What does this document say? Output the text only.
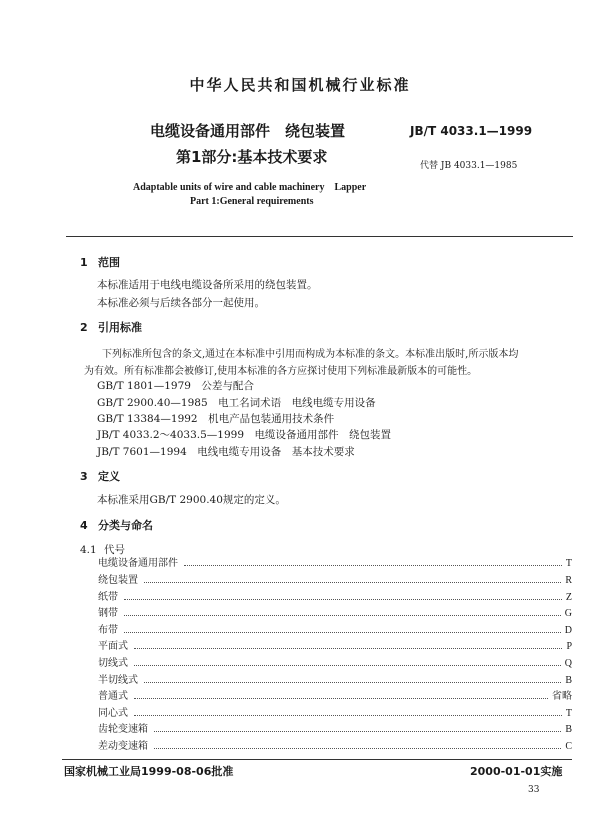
中华人民共和国机械行业标准
电缆设备通用部件　绕包装置
第1部分:基本技术要求
JB/T 4033.1—1999
代替 JB 4033.1—1985
Adaptable units of wire and cable machinery　Lapper
Part 1:General requirements
1 范围
本标准适用于电线电缆设备所采用的绕包装置。
本标准必须与后续各部分一起使用。
2 引用标准
下列标准所包含的条文,通过在本标准中引用而构成为本标准的条文。本标准出版时,所示版本均
为有效。所有标准都会被修订,使用本标准的各方应探讨使用下列标准最新版本的可能性。
GB/T 1801—1979　公差与配合
GB/T 2900.40—1985　电工名词术语　电线电缆专用设备
GB/T 13384—1992　机电产品包装通用技术条件
JB/T 4033.2～4033.5—1999　电缆设备通用部件　绕包装置
JB/T 7601—1994　电线电缆专用设备　基本技术要求
3 定义
本标准采用GB/T 2900.40规定的定义。
4 分类与命名
4.1 代号
电缆设备通用部件	T
绕包装置	R
纸带	Z
钢带	G
布带	D
平面式	P
切线式	Q
半切线式	B
普通式	省略
同心式	T
齿轮变速箱	B
差动变速箱	C
国家机械工业局1999-08-06批准	2000-01-01实施
33
